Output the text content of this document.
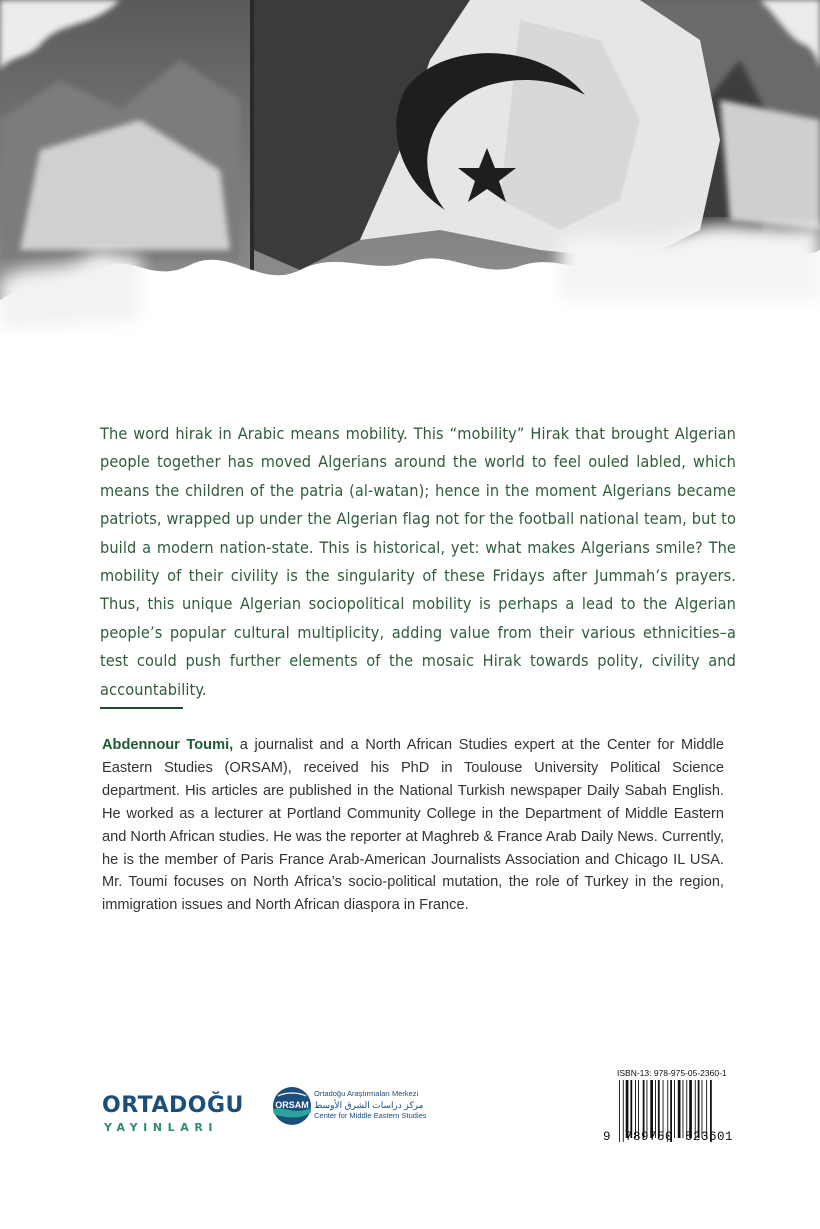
The word hirak in Arabic means mobility. This “mobility” Hirak that brought Algerian people together has moved Algerians around the world to feel ouled labled, which means the children of the patria (al-watan); hence in the moment Algerians became patriots, wrapped up under the Algerian flag not for the football national team, but to build a modern nation-state. This is historical, yet: what makes Algerians smile? The mobility of their civility is the singularity of these Fridays after Jummah’s prayers. Thus, this unique Algerian sociopolitical mobility is perhaps a lead to the Algerian people’s popular cultural multiplicity, adding value from their various ethnicities–a test could push further elements of the mosaic Hirak towards polity, civility and accountability.

Abdennour Toumi, a journalist and a North African Studies expert at the Center for Middle Eastern Studies (ORSAM), received his PhD in Toulouse University Political Science department. His articles are published in the National Turkish newspaper Daily Sabah English. He worked as a lecturer at Portland Community College in the Department of Middle Eastern and North African studies. He was the reporter at Maghreb & France Arab Daily News. Currently, he is the member of Paris France Arab-American Journalists Association and Chicago IL USA. Mr. Toumi focuses on North Africa’s socio-political mutation, the role of Turkey in the region, immigration issues and North African diaspora in France.

ORTADOĞU
YAYINLARI
ORSAM
Ortadoğu Araştırmaları Merkezi
مركز دراسات الشرق الأوسط
Center for Middle Eastern Studies
ISBN-13: 978-975-05-2360-1
9 789750 523601
